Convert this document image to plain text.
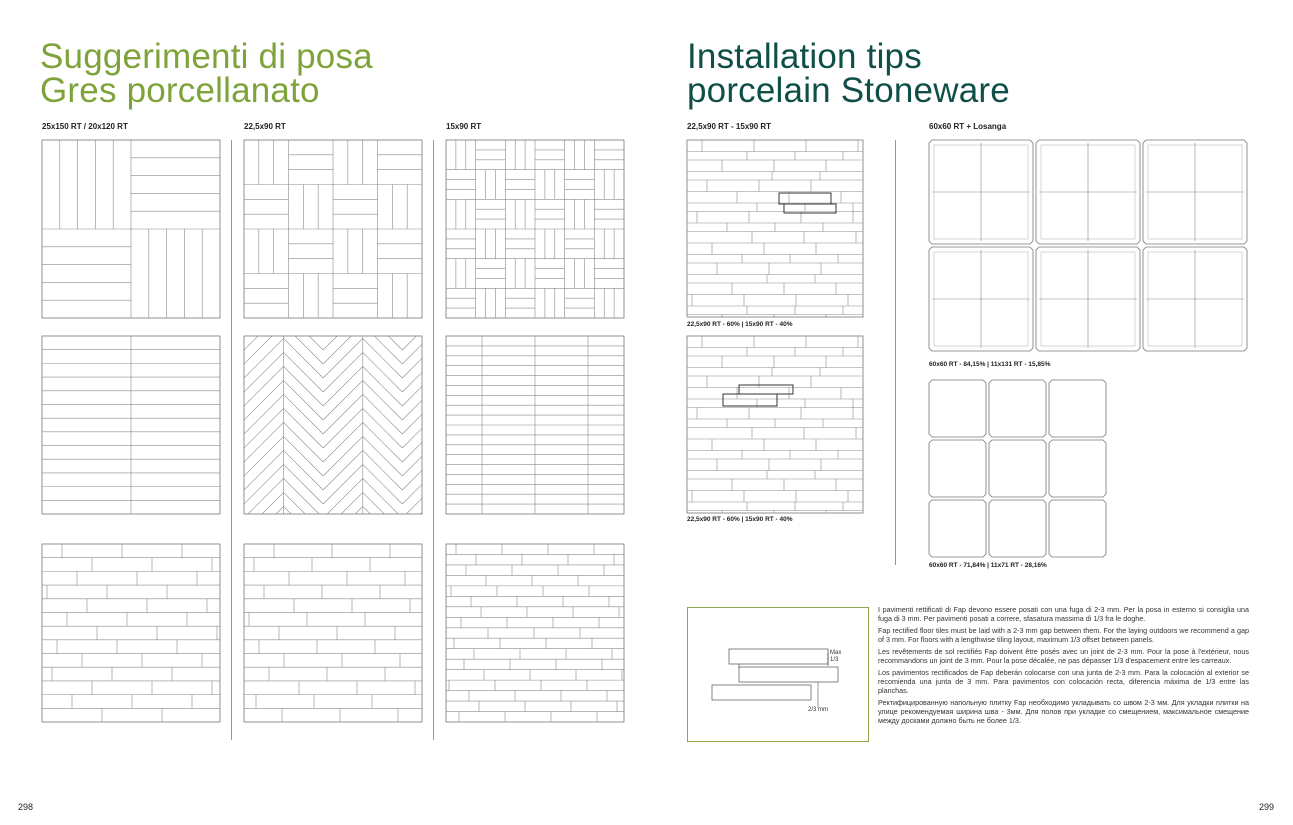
Suggerimenti di posa
Gres porcellanato
Installation tips
porcelain Stoneware
25x150 RT / 20x120 RT	22,5x90 RT	15x90 RT	22,5x90 RT - 15x90 RT	60x60 RT + Losanga
22,5x90 RT - 60% | 15x90 RT - 40%
22,5x90 RT - 60% | 15x90 RT - 40%
60x60 RT - 84,15% | 11x131 RT - 15,85%
60x60 RT - 71,84% | 11x71 RT - 28,16%
Max
1/3
2/3 mm

I pavimenti rettificati di Fap devono essere posati con una fuga di 2-3 mm. Per la posa in esterno si consiglia una fuga di 3 mm. Per pavimenti posati a correre, sfasatura massima di 1/3 fra le doghe.

Fap rectified floor tiles must be laid with a 2-3 mm gap between them. For the laying outdoors we recommend a gap of 3 mm. For floors with a lengthwise tiling layout, maximum 1/3 offset between panels.

Les revêtements de sol rectifiés Fap doivent être posés avec un joint de 2-3 mm. Pour la pose à l'extérieur, nous recommandons un joint de 3 mm. Pour la pose décalée, ne pas dépasser 1/3 d'espacement entre les carreaux.

Los pavimentos rectificados de Fap deberán colocarse con una junta de 2-3 mm. Para la colocación al exterior se recomienda una junta de 3 mm. Para pavimentos con colocación recta, diferencia máxima de 1/3 entre las planchas.

Ректифицированную напольную плитку Fap необходимо укладывать со швом 2-3 мм. Для укладки плитки на улице рекомендуемая ширина шва - 3мм. Для полов при укладке со смещением, максимальное смещение между досками должно быть не более 1/3.

298	299
